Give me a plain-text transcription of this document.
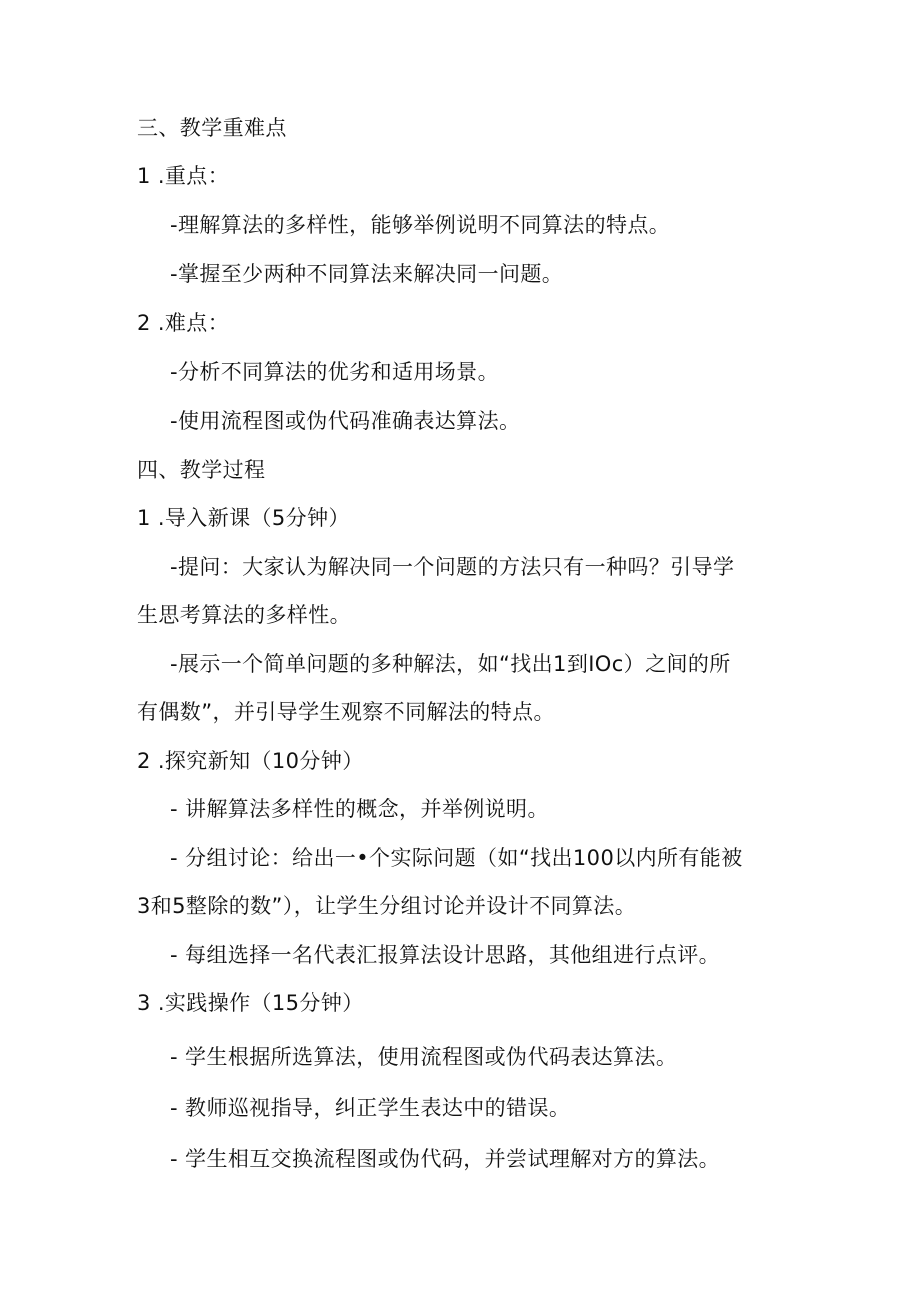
三、教学重难点
1 .重点：
-理解算法的多样性，能够举例说明不同算法的特点。
-掌握至少两种不同算法来解决同一问题。
2 .难点：
-分析不同算法的优劣和适用场景。
-使用流程图或伪代码准确表达算法。
四、教学过程
1 .导入新课（5分钟）
-提问：大家认为解决同一个问题的方法只有一种吗？引导学
生思考算法的多样性。
-展示一个简单问题的多种解法，如“找出1到IOc）之间的所
有偶数”，并引导学生观察不同解法的特点。
2 .探究新知（10分钟）
- 讲解算法多样性的概念，并举例说明。
- 分组讨论：给出一•个实际问题（如“找出100以内所有能被
3和5整除的数”），让学生分组讨论并设计不同算法。
- 每组选择一名代表汇报算法设计思路，其他组进行点评。
3 .实践操作（15分钟）
- 学生根据所选算法，使用流程图或伪代码表达算法。
- 教师巡视指导，纠正学生表达中的错误。
- 学生相互交换流程图或伪代码，并尝试理解对方的算法。
